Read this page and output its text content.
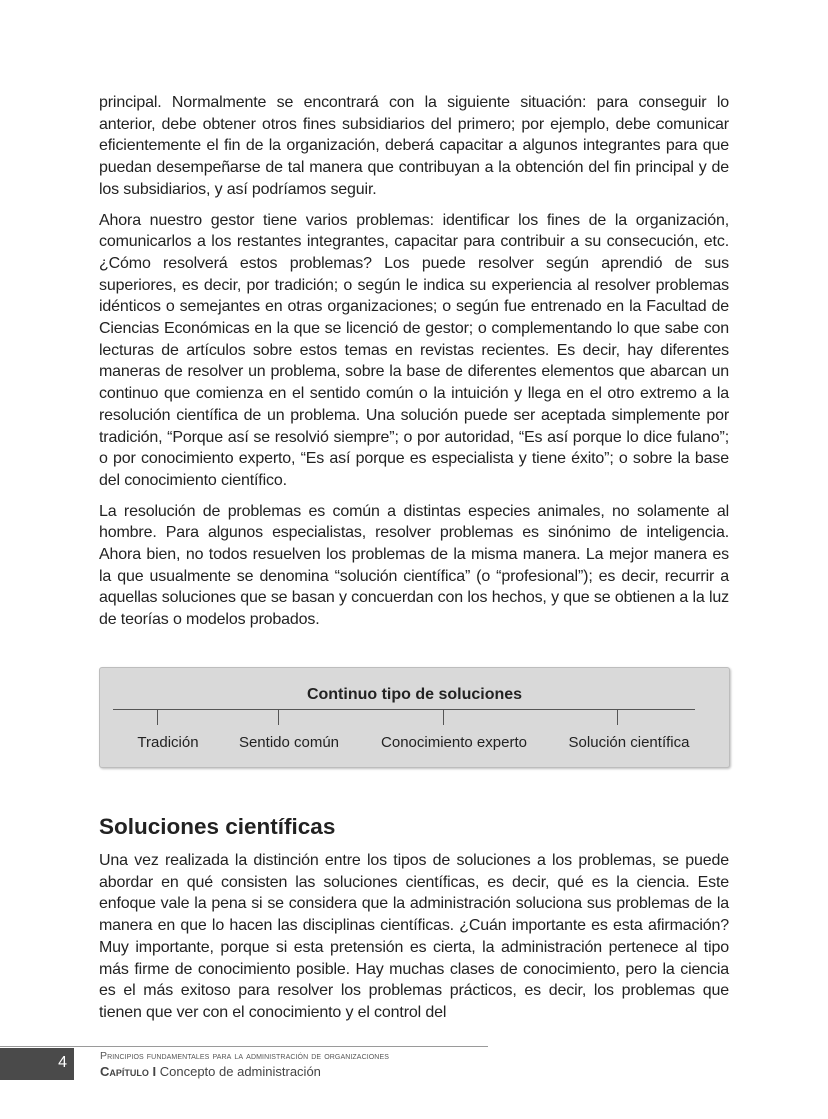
principal. Normalmente se encontrará con la siguiente situación: para conseguir lo anterior, debe obtener otros fines subsidiarios del primero; por ejemplo, debe comunicar eficientemente el fin de la organización, deberá capacitar a algunos integrantes para que puedan desempeñarse de tal manera que contribuyan a la obtención del fin principal y de los subsidiarios, y así podríamos seguir.

Ahora nuestro gestor tiene varios problemas: identificar los fines de la organización, comunicarlos a los restantes integrantes, capacitar para contribuir a su consecución, etc. ¿Cómo resolverá estos problemas? Los puede resolver según aprendió de sus superiores, es decir, por tradición; o según le indica su experiencia al resolver problemas idénticos o semejantes en otras organizaciones; o según fue entrenado en la Facultad de Ciencias Económicas en la que se licenció de gestor; o complementando lo que sabe con lecturas de artículos sobre estos temas en revistas recientes. Es decir, hay diferentes maneras de resolver un problema, sobre la base de diferentes elementos que abarcan un continuo que comienza en el sentido común o la intuición y llega en el otro extremo a la resolución científica de un problema. Una solución puede ser aceptada simplemente por tradición, “Porque así se resolvió siempre”; o por autoridad, “Es así porque lo dice fulano”; o por conocimiento experto, “Es así porque es especialista y tiene éxito”; o sobre la base del conocimiento científico.

La resolución de problemas es común a distintas especies animales, no solamente al hombre. Para algunos especialistas, resolver problemas es sinónimo de inteligencia. Ahora bien, no todos resuelven los problemas de la misma manera. La mejor manera es la que usualmente se denomina “solución científica” (o “profesional”); es decir, recurrir a aquellas soluciones que se basan y concuerdan con los hechos, y que se obtienen a la luz de teorías o modelos probados.

Continuo tipo de soluciones
Tradición	Sentido común	Conocimiento experto	Solución científica
Soluciones científicas

Una vez realizada la distinción entre los tipos de soluciones a los problemas, se puede abordar en qué consisten las soluciones científicas, es decir, qué es la ciencia. Este enfoque vale la pena si se considera que la administración soluciona sus problemas de la manera en que lo hacen las disciplinas científicas. ¿Cuán importante es esta afirmación? Muy importante, porque si esta pretensión es cierta, la administración pertenece al tipo más firme de conocimiento posible. Hay muchas clases de conocimiento, pero la ciencia es el más exitoso para resolver los problemas prácticos, es decir, los problemas que tienen que ver con el conocimiento y el control del

4	Principios fundamentales para la administración de organizaciones
Capítulo I Concepto de administración
